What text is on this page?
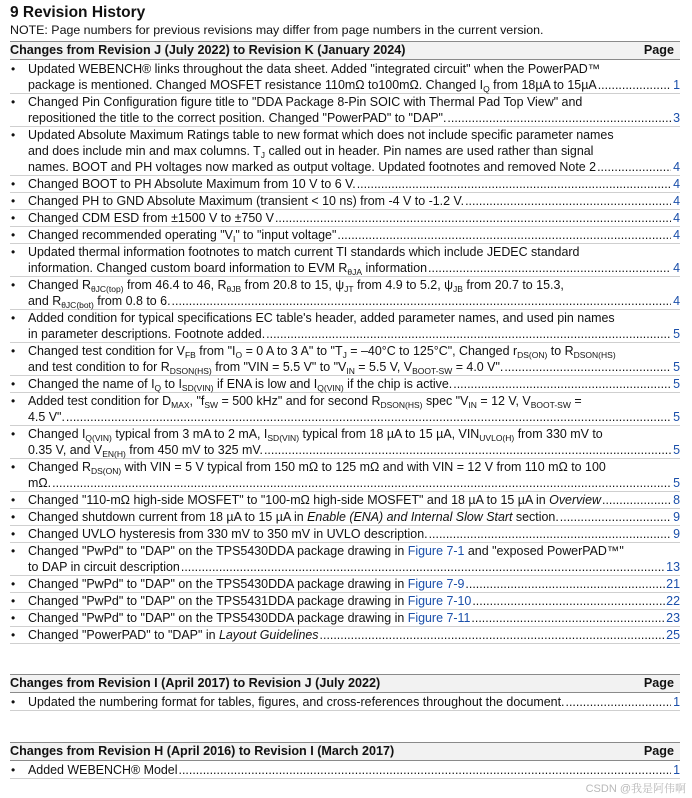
9 Revision History

NOTE: Page numbers for previous revisions may differ from page numbers in the current version.

Changes from Revision J (July 2022) to Revision K (January 2024)	Page
• Updated WEBENCH® links throughout the data sheet. Added "integrated circuit" when the PowerPAD™
package is mentioned. Changed MOSFET resistance 110mΩ to100mΩ. Changed $I_Q$ from 18µA to 15µA .....	1
• Changed Pin Configuration figure title to "DDA Package 8-Pin SOIC with Thermal Pad Top View" and
repositioned the title to the correct position. Changed "PowerPAD" to "DAP". .....	3
• Updated Absolute Maximum Ratings table to new format which does not include specific parameter names
and does include min and max columns. $T_J$ called out in header. Pin names are used rather than signal
names. BOOT and PH voltages now marked as output voltage. Updated footnotes and removed Note 2 .....	4
• Changed BOOT to PH Absolute Maximum from 10 V to 6 V. .....	4
• Changed PH to GND Absolute Maximum (transient < 10 ns) from -4 V to -1.2 V. .....	4
• Changed CDM ESD from ±1500 V to ±750 V .....	4
• Changed recommended operating "$V_I$" to "input voltage" .....	4
• Updated thermal information footnotes to match current TI standards which include JEDEC standard
information. Changed custom board information to EVM $R_{\theta JA}$ information .....	4
• Changed $R_{\theta JC(top)}$ from 46.4 to 46, $R_{\theta JB}$ from 20.8 to 15, $\psi_{JT}$ from 4.9 to 5.2, $\psi_{JB}$ from 20.7 to 15.3,
and $R_{\theta JC(bot)}$ from 0.8 to 6. .....	4
• Added condition for typical specifications EC table's header, added parameter names, and used pin names
in parameter descriptions. Footnote added. .....	5
• Changed test condition for $V_{FB}$ from "$I_O = 0$ A to 3 A" to "$T_J = -40^\circ C$ to 125°C", Changed $r_{DS(ON)}$ to $R_{DSON(HS)}$
and test condition to for $R_{DSON(HS)}$ from "VIN = 5.5 V" to "$V_{IN} = 5.5$ V, $V_{BOOT-SW} = 4.0$ V". .....	5
• Changed the name of $I_Q$ to $I_{SD(VIN)}$ if ENA is low and $I_{Q(VIN)}$ if the chip is active. .....	5
• Added test condition for $D_{MAX}$, "$f_{SW} = 500$ kHz" and for second $R_{DSON(HS)}$ spec "$V_{IN} = 12$ V, $V_{BOOT-SW}$ =
4.5 V". .....	5
• Changed $I_{Q(VIN)}$ typical from 3 mA to 2 mA, $I_{SD(VIN)}$ typical from 18 µA to 15 µA, $VIN_{UVLO(H)}$ from 330 mV to
0.35 V, and $V_{EN(H)}$ from 450 mV to 325 mV. .....	5
• Changed $R_{DS(ON)}$ with VIN = 5 V typical from 150 mΩ to 125 mΩ and with VIN = 12 V from 110 mΩ to 100
mΩ. .....	5
• Changed "110-mΩ high-side MOSFET" to "100-mΩ high-side MOSFET" and 18 µA to 15 µA in Overview .....	8
• Changed shutdown current from 18 µA to 15 µA in Enable (ENA) and Internal Slow Start section. .....	9
• Changed UVLO hysteresis from 330 mV to 350 mV in UVLO description. .....	9
• Changed "PwPd" to "DAP" on the TPS5430DDA package drawing in Figure 7-1 and "exposed PowerPAD™"
to DAP in circuit description .....	13
• Changed "PwPd" to "DAP" on the TPS5430DDA package drawing in Figure 7-9 .....	21
• Changed "PwPd" to "DAP" on the TPS5431DDA package drawing in Figure 7-10 .....	22
• Changed "PwPd" to "DAP" on the TPS5430DDA package drawing in Figure 7-11 .....	23
• Changed "PowerPAD" to "DAP" in Layout Guidelines .....	25
Changes from Revision I (April 2017) to Revision J (July 2022)	Page
• Updated the numbering format for tables, figures, and cross-references throughout the document. .....	1
Changes from Revision H (April 2016) to Revision I (March 2017)	Page
• Added WEBENCH® Model .....	1
CSDN @我是阿伟啊
